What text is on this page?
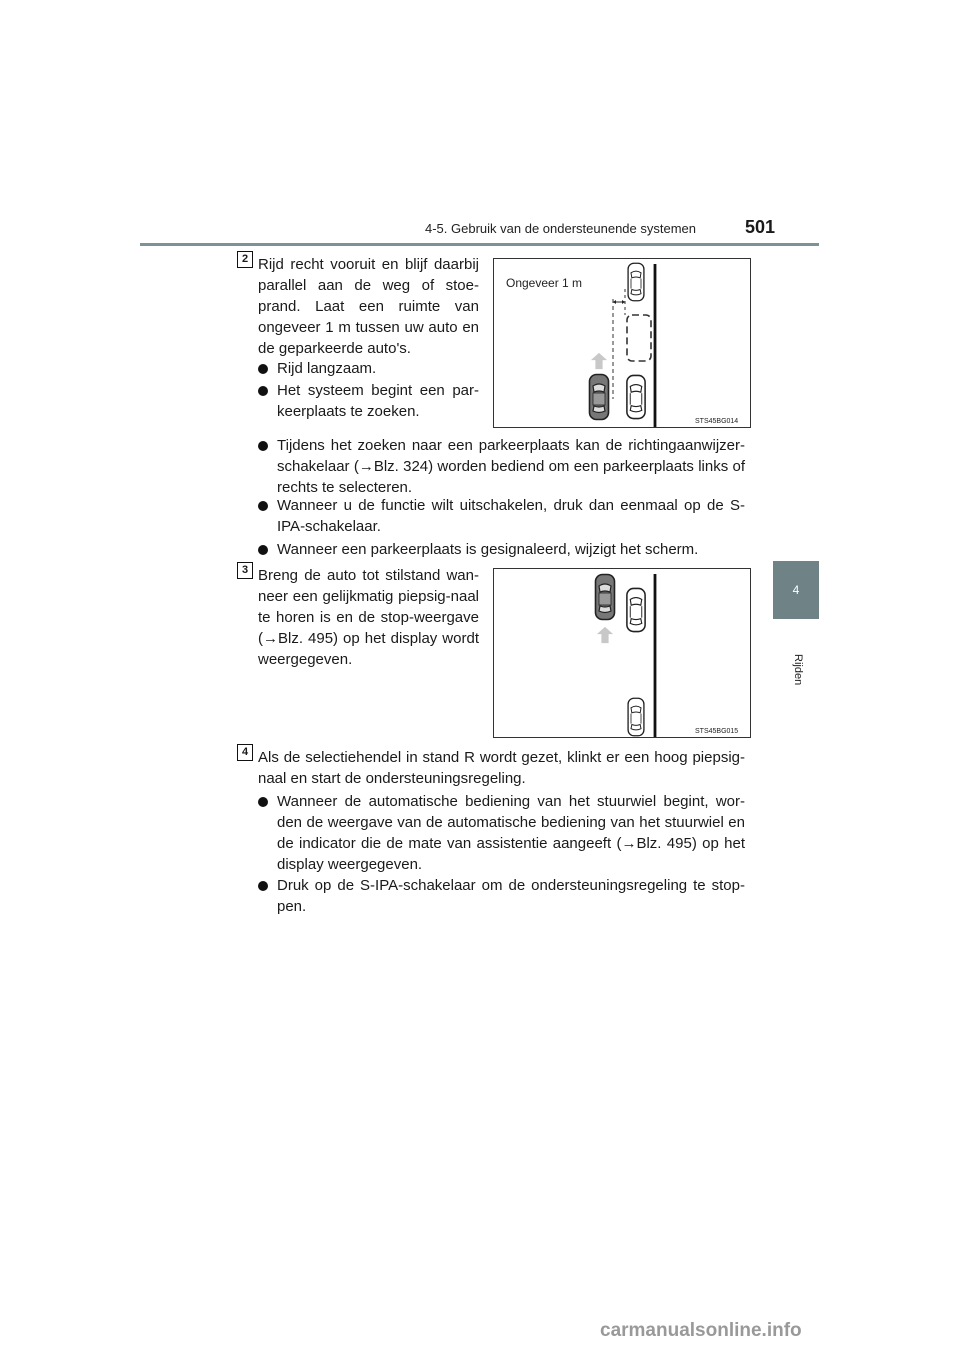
4-5. Gebruik van de ondersteunende systemen	501
4
Rijden
2 Rijd recht vooruit en blijf daarbij parallel aan de weg of stoe-prand. Laat een ruimte van ongeveer 1 m tussen uw auto en de geparkeerde auto's.
Rijd langzaam.
Het systeem begint een par-keerplaats te zoeken.
Ongeveer 1 m
STS45BG014
Tijdens het zoeken naar een parkeerplaats kan de richtingaanwijzer-schakelaar (→Blz. 324) worden bediend om een parkeerplaats links of rechts te selecteren.
Wanneer u de functie wilt uitschakelen, druk dan eenmaal op de S-IPA-schakelaar.
Wanneer een parkeerplaats is gesignaleerd, wijzigt het scherm.
3 Breng de auto tot stilstand wan-neer een gelijkmatig piepsig-naal te horen is en de stop-weergave (→Blz. 495) op het display wordt weergegeven.
STS45BG015
4 Als de selectiehendel in stand R wordt gezet, klinkt er een hoog piepsig-naal en start de ondersteuningsregeling.
Wanneer de automatische bediening van het stuurwiel begint, wor-den de weergave van de automatische bediening van het stuurwiel en de indicator die de mate van assistentie aangeeft (→Blz. 495) op het display weergegeven.
Druk op de S-IPA-schakelaar om de ondersteuningsregeling te stop-pen.
carmanualsonline.info
